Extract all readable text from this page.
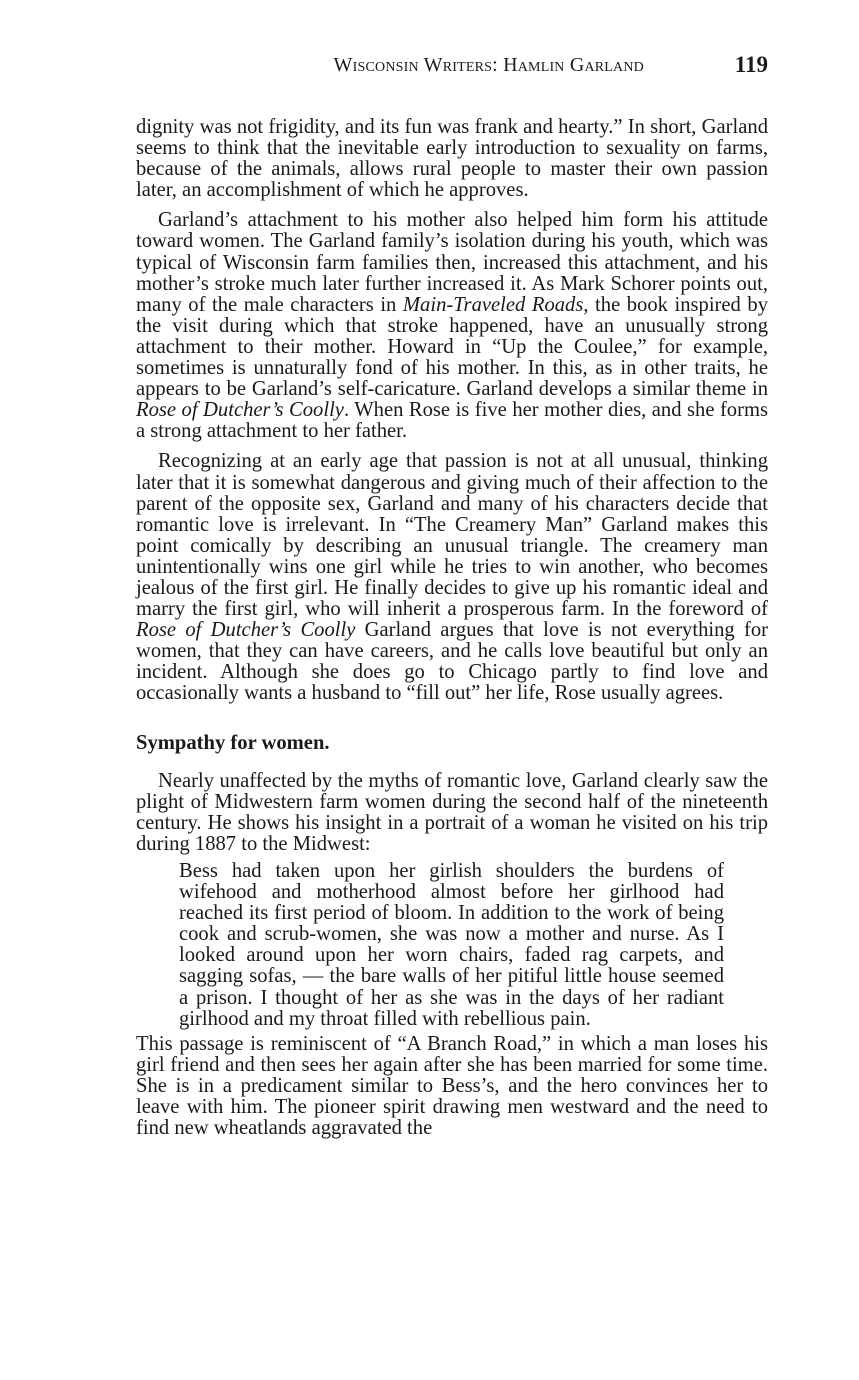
Wisconsin Writers: Hamlin Garland	119

dignity was not frigidity, and its fun was frank and hearty.” In short, Garland seems to think that the inevitable early introduction to sexuality on farms, because of the animals, allows rural people to master their own passion later, an accomplishment of which he approves.

Garland’s attachment to his mother also helped him form his attitude toward women. The Garland family’s isolation during his youth, which was typical of Wisconsin farm families then, increased this attachment, and his mother’s stroke much later further increased it. As Mark Schorer points out, many of the male characters in Main-Traveled Roads, the book inspired by the visit during which that stroke happened, have an unusually strong attachment to their mother. Howard in “Up the Coulee,” for example, sometimes is unnaturally fond of his mother. In this, as in other traits, he appears to be Garland’s self-caricature. Garland develops a similar theme in Rose of Dutcher’s Coolly. When Rose is five her mother dies, and she forms a strong attachment to her father.

Recognizing at an early age that passion is not at all unusual, thinking later that it is somewhat dangerous and giving much of their affection to the parent of the opposite sex, Garland and many of his characters decide that romantic love is irrelevant. In “The Creamery Man” Garland makes this point comically by describing an unusual triangle. The creamery man unintentionally wins one girl while he tries to win another, who becomes jealous of the first girl. He finally decides to give up his romantic ideal and marry the first girl, who will inherit a prosperous farm. In the foreword of Rose of Dutcher’s Coolly Garland argues that love is not everything for women, that they can have careers, and he calls love beautiful but only an incident. Although she does go to Chicago partly to find love and occasionally wants a husband to “fill out” her life, Rose usually agrees.

Sympathy for women.

Nearly unaffected by the myths of romantic love, Garland clearly saw the plight of Midwestern farm women during the second half of the nineteenth century. He shows his insight in a portrait of a woman he visited on his trip during 1887 to the Midwest:

Bess had taken upon her girlish shoulders the burdens of wifehood and motherhood almost before her girlhood had reached its first period of bloom. In addition to the work of being cook and scrub-women, she was now a mother and nurse. As I looked around upon her worn chairs, faded rag carpets, and sagging sofas, — the bare walls of her pitiful little house seemed a prison. I thought of her as she was in the days of her radiant girlhood and my throat filled with rebellious pain.

This passage is reminiscent of “A Branch Road,” in which a man loses his girl friend and then sees her again after she has been married for some time. She is in a predicament similar to Bess’s, and the hero convinces her to leave with him. The pioneer spirit drawing men westward and the need to find new wheatlands aggravated the
